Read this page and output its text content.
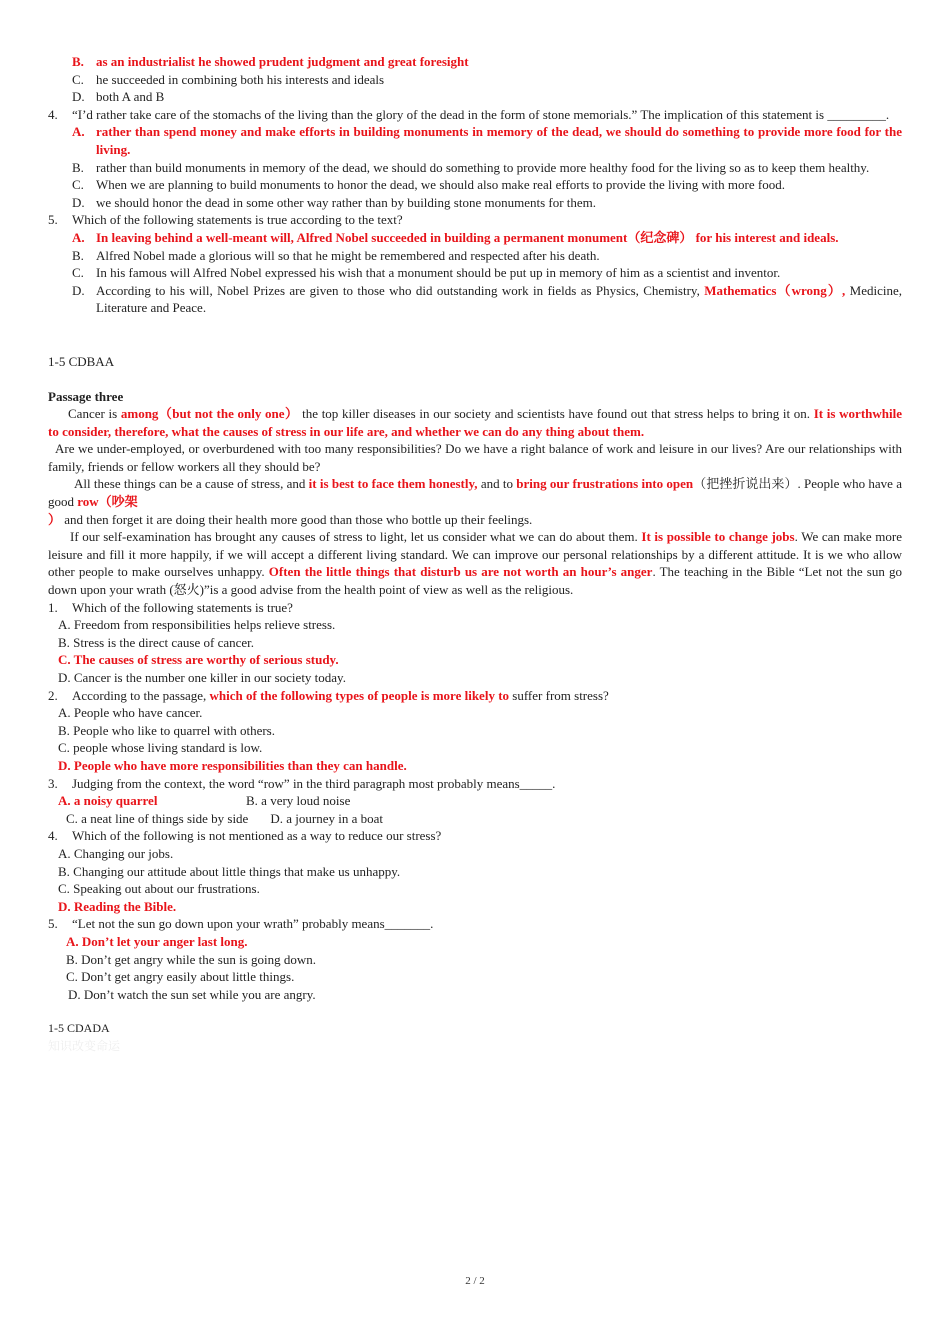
B. as an industrialist he showed prudent judgment and great foresight
C. he succeeded in combining both his interests and ideals
D. both A and B
4. “I’d rather take care of the stomachs of the living than the glory of the dead in the form of stone memorials.” The implication of this statement is _________.
A. rather than spend money and make efforts in building monuments in memory of the dead, we should do something to provide more food for the living.
B. rather than build monuments in memory of the dead, we should do something to provide more healthy food for the living so as to keep them healthy.
C. When we are planning to build monuments to honor the dead, we should also make real efforts to provide the living with more food.
D. we should honor the dead in some other way rather than by building stone monuments for them.
5. Which of the following statements is true according to the text?
A. In leaving behind a well-meant will, Alfred Nobel succeeded in building a permanent monument（纪念碑） for his interest and ideals.
B. Alfred Nobel made a glorious will so that he might be remembered and respected after his death.
C. In his famous will Alfred Nobel expressed his wish that a monument should be put up in memory of him as a scientist and inventor.
D. According to his will, Nobel Prizes are given to those who did outstanding work in fields as Physics, Chemistry, Mathematics（wrong）, Medicine, Literature and Peace.
1-5 CDBAA
Passage three
Cancer is among（but not the only one） the top killer diseases in our society and scientists have found out that stress helps to bring it on. It is worthwhile to consider, therefore, what the causes of stress in our life are, and whether we can do any thing about them.
Are we under-employed, or overburdened with too many responsibilities? Do we have a right balance of work and leisure in our lives? Are our relationships with family, friends or fellow workers all they should be?
All these things can be a cause of stress, and it is best to face them honestly, and to bring our frustrations into open（把挫折说出来）. People who have a good row（吵架
） and then forget it are doing their health more good than those who bottle up their feelings.
If our self-examination has brought any causes of stress to light, let us consider what we can do about them. It is possible to change jobs. We can make more leisure and fill it more happily, if we will accept a different living standard. We can improve our personal relationships by a different attitude. It is we who allow other people to make ourselves unhappy. Often the little things that disturb us are not worth an hour’s anger. The teaching in the Bible “Let not the sun go down upon your wrath (怒火)”is a good advise from the health point of view as well as the religious.
1. Which of the following statements is true?
A. Freedom from responsibilities helps relieve stress.
B. Stress is the direct cause of cancer.
C. The causes of stress are worthy of serious study.
D. Cancer is the number one killer in our society today.
2. According to the passage, which of the following types of people is more likely to suffer from stress?
A. People who have cancer.
B. People who like to quarrel with others.
C. people whose living standard is low.
D. People who have more responsibilities than they can handle.
3. Judging from the context, the word “row” in the third paragraph most probably means_____.
A. a noisy quarrel	B. a very loud noise
C. a neat line of things side by side D. a journey in a boat
4. Which of the following is not mentioned as a way to reduce our stress?
A. Changing our jobs.
B. Changing our attitude about little things that make us unhappy.
C. Speaking out about our frustrations.
D. Reading the Bible.
5. “Let not the sun go down upon your wrath” probably means_______.
A. Don’t let your anger last long.
B. Don’t get angry while the sun is going down.
C. Don’t get angry easily about little things.
D. Don’t watch the sun set while you are angry.
1-5 CDADA
知识改变命运
2 / 2
